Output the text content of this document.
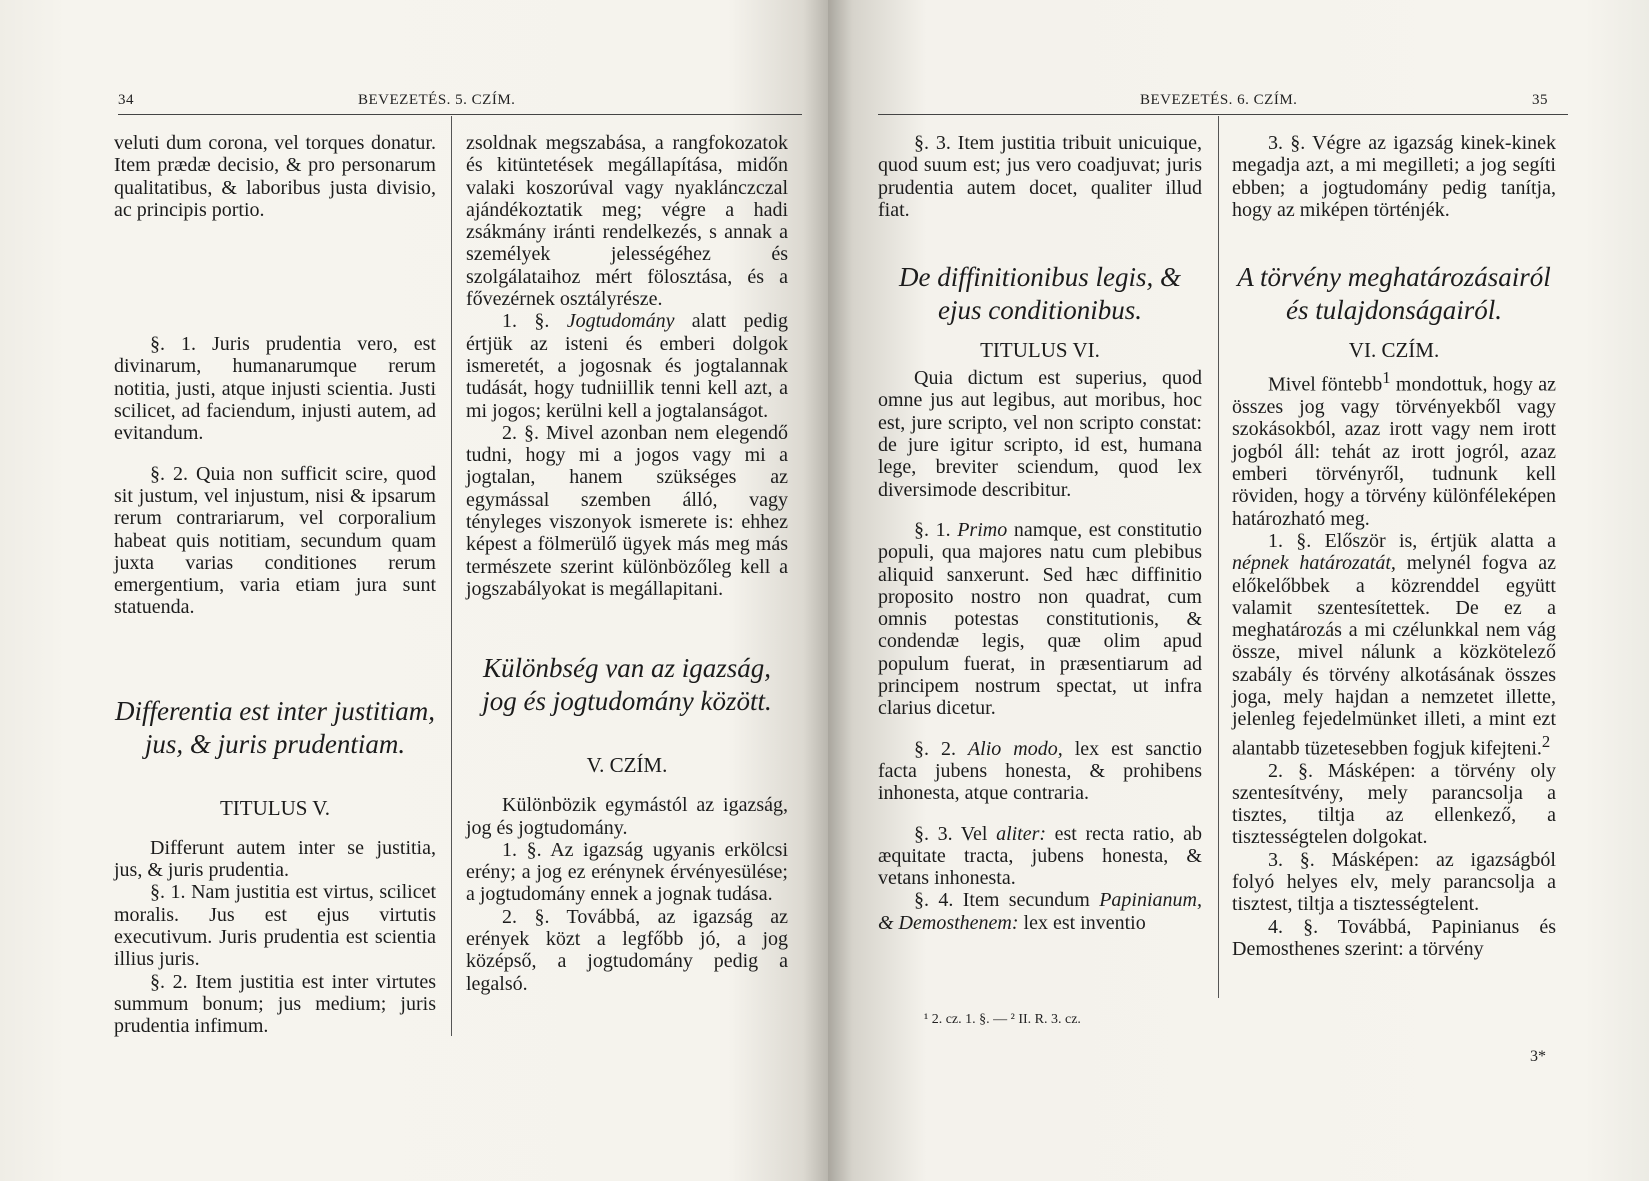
34	BEVEZETÉS. 5. CZÍM.

veluti dum corona, vel torques donatur. Item prædæ decisio, & pro personarum qualitatibus, & laboribus justa divisio, ac principis portio.

§. 1. Juris prudentia vero, est divinarum, humanarumque rerum notitia, justi, atque injusti scientia. Justi scilicet, ad faciendum, injusti autem, ad evitandum.

§. 2. Quia non sufficit scire, quod sit justum, vel injustum, nisi & ipsarum rerum contrariarum, vel corporalium habeat quis notitiam, secundum quam juxta varias conditiones rerum emergentium, varia etiam jura sunt statuenda.

Differentia est inter justitiam, jus, & juris prudentiam.

TITULUS V.

Differunt autem inter se justitia, jus, & juris prudentia.

§. 1. Nam justitia est virtus, scilicet moralis. Jus est ejus virtutis executivum. Juris prudentia est scientia illius juris.

§. 2. Item justitia est inter virtutes summum bonum; jus medium; juris prudentia infimum.

zsoldnak megszabása, a rangfokozatok és kitüntetések megállapítása, midőn valaki koszorúval vagy nyaklánczczal ajándékoztatik meg; végre a hadi zsákmány iránti rendelkezés, s annak a személyek jelességéhez és szolgálataihoz mért fölosztása, és a fővezérnek osztályrésze.

1. §. Jogtudomány alatt pedig értjük az isteni és emberi dolgok ismeretét, a jogosnak és jogtalannak tudását, hogy tudniillik tenni kell azt, a mi jogos; kerülni kell a jogtalanságot.

2. §. Mivel azonban nem elegendő tudni, hogy mi a jogos vagy mi a jogtalan, hanem szükséges az egymással szemben álló, vagy tényleges viszonyok ismerete is: ehhez képest a fölmerülő ügyek más meg más természete szerint különbözőleg kell a jogszabályokat is megállapitani.

Különbség van az igazság, jog és jogtudomány között.

V. CZÍM.

Különbözik egymástól az igazság, jog és jogtudomány.

1. §. Az igazság ugyanis erkölcsi erény; a jog ez erénynek érvényesülése; a jogtudomány ennek a jognak tudása.

2. §. Továbbá, az igazság az erények közt a legfőbb jó, a jog középső, a jogtudomány pedig a legalsó.

BEVEZETÉS. 6. CZÍM.	35

§. 3. Item justitia tribuit unicuique, quod suum est; jus vero coadjuvat; juris prudentia autem docet, qualiter illud fiat.

De diffinitionibus legis, & ejus conditionibus.

TITULUS VI.

Quia dictum est superius, quod omne jus aut legibus, aut moribus, hoc est, jure scripto, vel non scripto constat: de jure igitur scripto, id est, humana lege, breviter sciendum, quod lex diversimode describitur.

§. 1. Primo namque, est constitutio populi, qua majores natu cum plebibus aliquid sanxerunt. Sed hæc diffinitio proposito nostro non quadrat, cum omnis potestas constitutionis, & condendæ legis, quæ olim apud populum fuerat, in præsentiarum ad principem nostrum spectat, ut infra clarius dicetur.

§. 2. Alio modo, lex est sanctio facta jubens honesta, & prohibens inhonesta, atque contraria.

§. 3. Vel aliter: est recta ratio, ab æquitate tracta, jubens honesta, & vetans inhonesta.

§. 4. Item secundum Papinianum, & Demosthenem: lex est inventio

3. §. Végre az igazság kinek-kinek megadja azt, a mi megilleti; a jog segíti ebben; a jogtudomány pedig tanítja, hogy az miképen történjék.

A törvény meghatározásairól és tulajdonságairól.

VI. CZÍM.

Mivel föntebb$^1$ mondottuk, hogy az összes jog vagy törvényekből vagy szokásokból, azaz irott vagy nem irott jogból áll: tehát az irott jogról, azaz emberi törvényről, tudnunk kell röviden, hogy a törvény különféleképen határozható meg.

1. §. Először is, értjük alatta a népnek határozatát, melynél fogva az előkelőbbek a közrenddel együtt valamit szentesítettek. De ez a meghatározás a mi czélunkkal nem vág össze, mivel nálunk a közkötelező szabály és törvény alkotásának összes joga, mely hajdan a nemzetet illette, jelenleg fejedelmünket illeti, a mint ezt alantabb tüzetesebben fogjuk kifejteni.$^2$

2. §. Másképen: a törvény oly szentesítvény, mely parancsolja a tisztes, tiltja az ellenkező, a tisztességtelen dolgokat.

3. §. Másképen: az igazságból folyó helyes elv, mely parancsolja a tisztest, tiltja a tisztességtelent.

4. §. Továbbá, Papinianus és Demosthenes szerint: a törvény

¹ 2. cz. 1. §. — ² II. R. 3. cz.
3*
